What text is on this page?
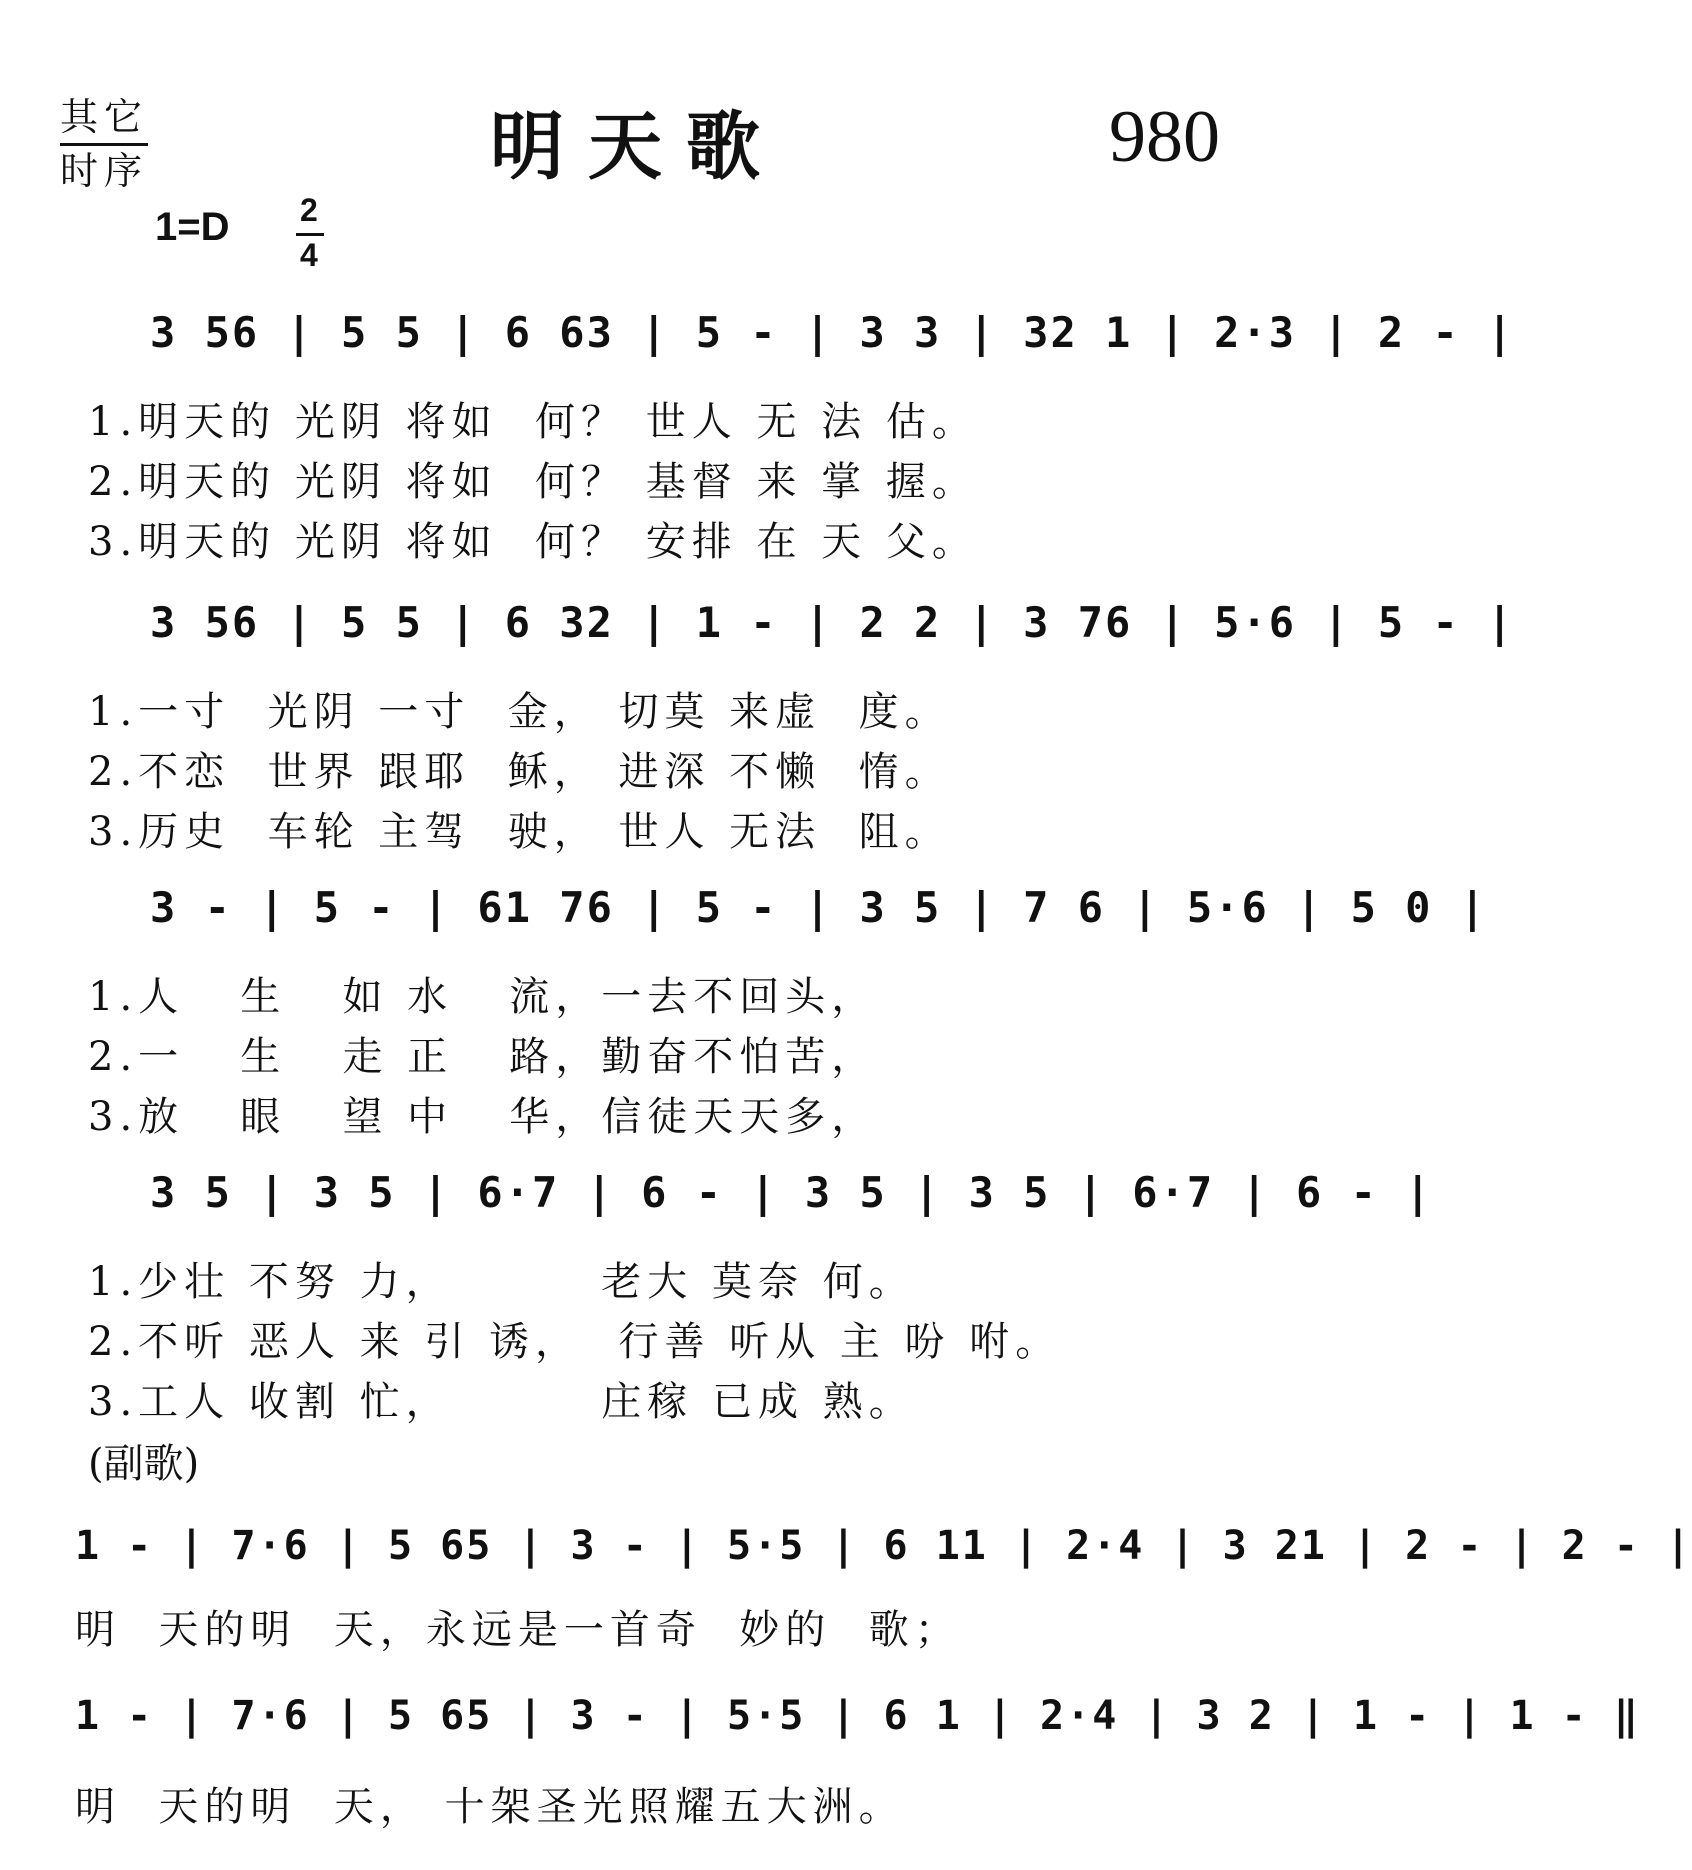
其它
时序	明天歌	980
1=D 2
4
3 56 | 5 5 | 6 63 | 5 - | 3 3 | 32 1 | 2·3 | 2 - |
1.明天的 光阴 将如  何？ 世人 无 法 估。
2.明天的 光阴 将如  何？ 基督 来 掌 握。
3.明天的 光阴 将如  何？ 安排 在 天 父。
3 56 | 5 5 | 6 32 | 1 - | 2 2 | 3 76 | 5·6 | 5 - |
1.一寸  光阴 一寸  金， 切莫 来虚  度。
2.不恋  世界 跟耶  稣， 进深 不懒  惰。
3.历史  车轮 主驾  驶， 世人 无法  阻。
3 - | 5 - | 61 76 | 5 - | 3 5 | 7 6 | 5·6 | 5 0 |
1.人   生   如 水   流，一去不回头，
2.一   生   走 正   路，勤奋不怕苦，
3.放   眼   望 中   华，信徒天天多，
3 5 | 3 5 | 6·7 | 6 - | 3 5 | 3 5 | 6·7 | 6 - |
1.少壮 不努 力，        老大 莫奈 何。
2.不听 恶人 来 引 诱，  行善 听从 主 吩 咐。
3.工人 收割 忙，        庄稼 已成 熟。
(副歌)
1 - | 7·6 | 5 65 | 3 - | 5·5 | 6 11 | 2·4 | 3 21 | 2 - | 2 - |
明  天的明  天，永远是一首奇  妙的  歌；
1 - | 7·6 | 5 65 | 3 - | 5·5 | 6 1 | 2·4 | 3 2 | 1 - | 1 - ‖
明  天的明  天， 十架圣光照耀五大洲。
